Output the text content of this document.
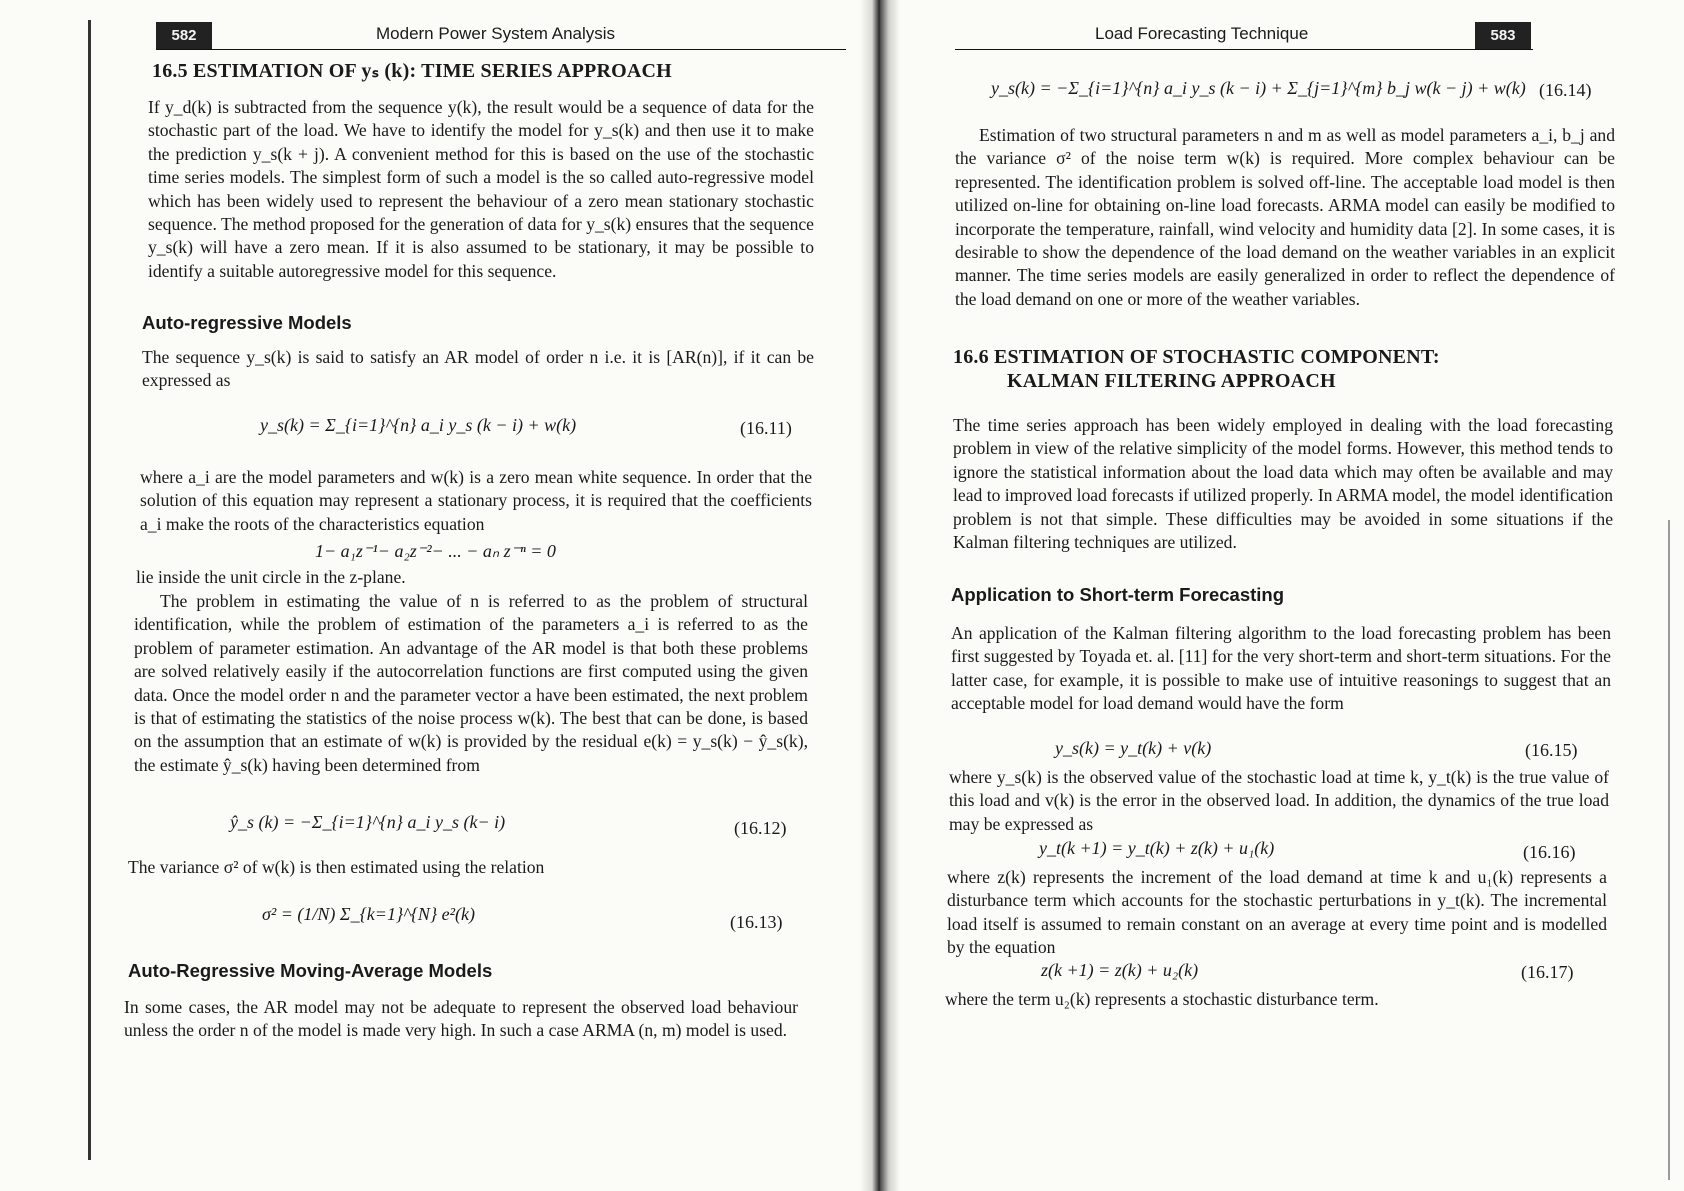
582	Modern Power System Analysis
16.5 ESTIMATION OF yₛ (k): TIME SERIES APPROACH
If y_d(k) is subtracted from the sequence y(k), the result would be a sequence of data for the stochastic part of the load. We have to identify the model for y_s(k) and then use it to make the prediction y_s(k + j). A convenient method for this is based on the use of the stochastic time series models. The simplest form of such a model is the so called auto-regressive model which has been widely used to represent the behaviour of a zero mean stationary stochastic sequence. The method proposed for the generation of data for y_s(k) ensures that the sequence y_s(k) will have a zero mean. If it is also assumed to be stationary, it may be possible to identify a suitable autoregressive model for this sequence.
Auto-regressive Models
The sequence y_s(k) is said to satisfy an AR model of order n i.e. it is [AR(n)], if it can be expressed as
y_s(k) = Σ_{i=1}^{n} a_i y_s (k − i) + w(k)	(16.11)
where a_i are the model parameters and w(k) is a zero mean white sequence. In order that the solution of this equation may represent a stationary process, it is required that the coefficients a_i make the roots of the characteristics equation
1− a₁z⁻¹− a₂z⁻²− ... − aₙ z⁻ⁿ = 0
lie inside the unit circle in the z-plane.
The problem in estimating the value of n is referred to as the problem of structural identification, while the problem of estimation of the parameters a_i is referred to as the problem of parameter estimation. An advantage of the AR model is that both these problems are solved relatively easily if the autocorrelation functions are first computed using the given data. Once the model order n and the parameter vector a have been estimated, the next problem is that of estimating the statistics of the noise process w(k). The best that can be done, is based on the assumption that an estimate of w(k) is provided by the residual e(k) = y_s(k) − ŷ_s(k), the estimate ŷ_s(k) having been determined from
ŷ_s (k) = −Σ_{i=1}^{n} a_i y_s (k− i)	(16.12)
The variance σ² of w(k) is then estimated using the relation
σ² = (1/N) Σ_{k=1}^{N} e²(k)	(16.13)
Auto-Regressive Moving-Average Models
In some cases, the AR model may not be adequate to represent the observed load behaviour unless the order n of the model is made very high. In such a case ARMA (n, m) model is used.
Load Forecasting Technique	583
y_s(k) = −Σ_{i=1}^{n} a_i y_s (k − i) + Σ_{j=1}^{m} b_j w(k − j) + w(k) (16.14)
Estimation of two structural parameters n and m as well as model parameters a_i, b_j and the variance σ² of the noise term w(k) is required. More complex behaviour can be represented. The identification problem is solved off-line. The acceptable load model is then utilized on-line for obtaining on-line load forecasts. ARMA model can easily be modified to incorporate the temperature, rainfall, wind velocity and humidity data [2]. In some cases, it is desirable to show the dependence of the load demand on the weather variables in an explicit manner. The time series models are easily generalized in order to reflect the dependence of the load demand on one or more of the weather variables.
16.6 ESTIMATION OF STOCHASTIC COMPONENT:
KALMAN FILTERING APPROACH
The time series approach has been widely employed in dealing with the load forecasting problem in view of the relative simplicity of the model forms. However, this method tends to ignore the statistical information about the load data which may often be available and may lead to improved load forecasts if utilized properly. In ARMA model, the model identification problem is not that simple. These difficulties may be avoided in some situations if the Kalman filtering techniques are utilized.
Application to Short-term Forecasting
An application of the Kalman filtering algorithm to the load forecasting problem has been first suggested by Toyada et. al. [11] for the very short-term and short-term situations. For the latter case, for example, it is possible to make use of intuitive reasonings to suggest that an acceptable model for load demand would have the form
y_s(k) = y_t(k) + v(k)	(16.15)
where y_s(k) is the observed value of the stochastic load at time k, y_t(k) is the true value of this load and v(k) is the error in the observed load. In addition, the dynamics of the true load may be expressed as
y_t(k +1) = y_t(k) + z(k) + u₁(k)	(16.16)
where z(k) represents the increment of the load demand at time k and u₁(k) represents a disturbance term which accounts for the stochastic perturbations in y_t(k). The incremental load itself is assumed to remain constant on an average at every time point and is modelled by the equation
z(k +1) = z(k) + u₂(k)	(16.17)
where the term u₂(k) represents a stochastic disturbance term.
